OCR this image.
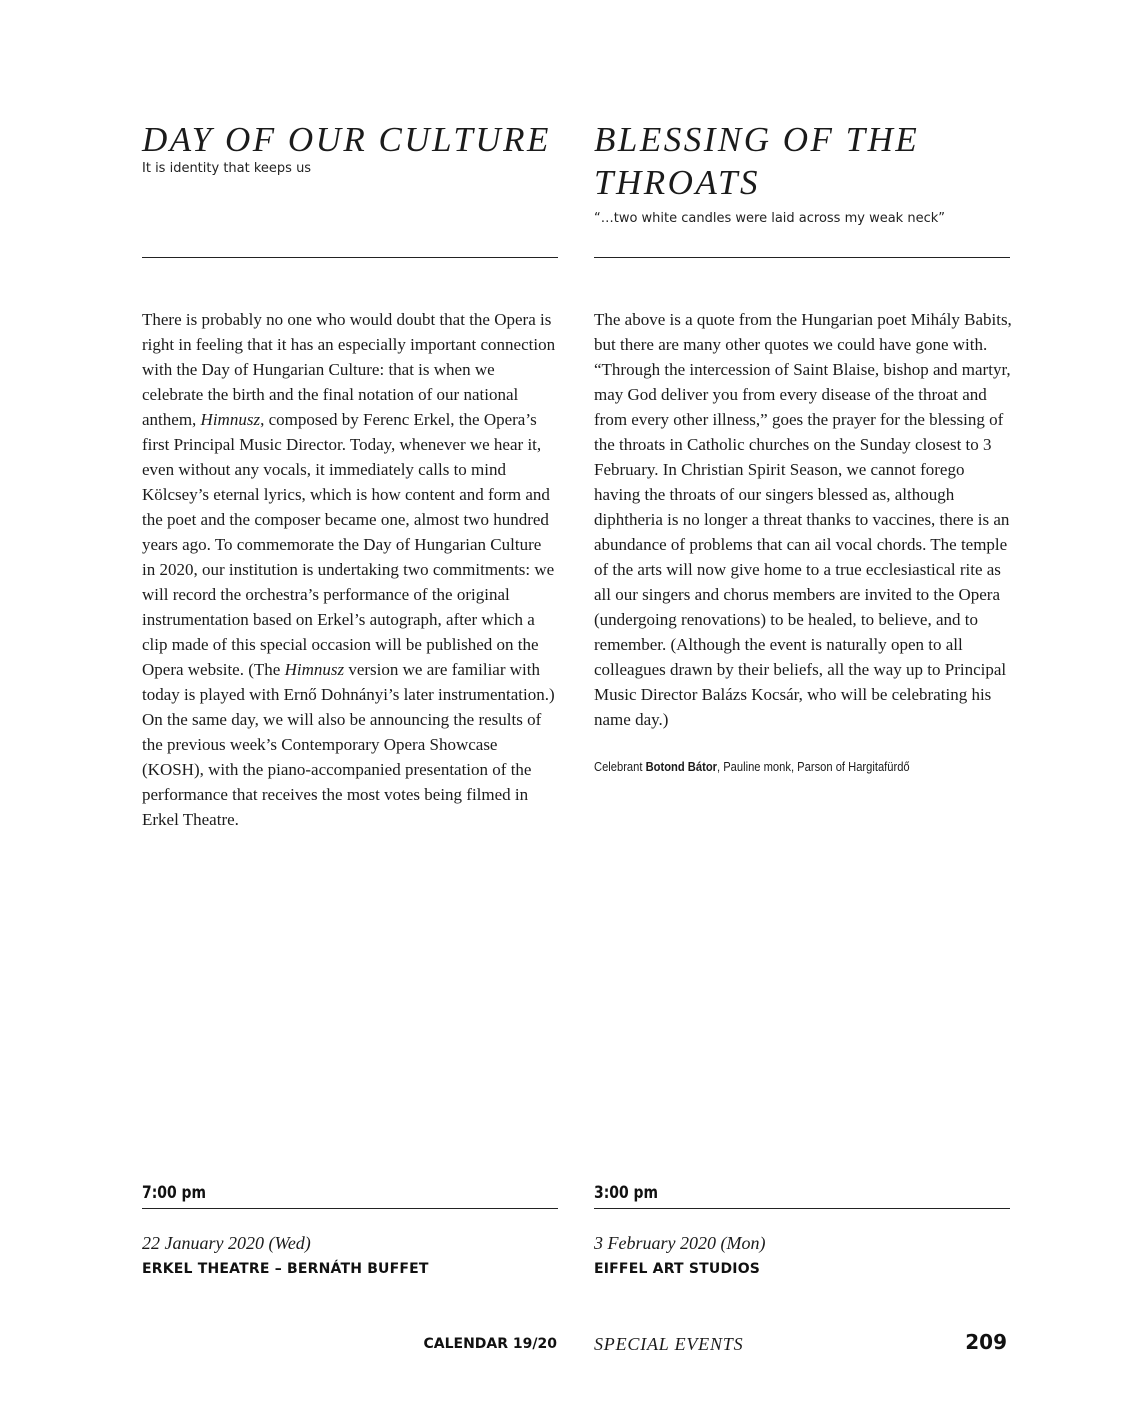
DAY OF OUR CULTURE

It is identity that keeps us

There is probably no one who would doubt that the Opera is right in feeling that it has an especially important connection with the Day of Hungarian Culture: that is when we celebrate the birth and the final notation of our national anthem, Himnusz, composed by Ferenc Erkel, the Opera’s first Principal Music Director. Today, whenever we hear it, even without any vocals, it immediately calls to mind Kölcsey’s eternal lyrics, which is how content and form and the poet and the composer became one, almost two hundred years ago. To commemorate the Day of Hungarian Culture in 2020, our institution is undertaking two commitments: we will record the orchestra’s performance of the original instrumentation based on Erkel’s autograph, after which a clip made of this special occasion will be published on the Opera website. (The Himnusz version we are familiar with today is played with Ernő Dohnányi’s later instrumentation.) On the same day, we will also be announcing the results of the previous week’s Contemporary Opera Showcase (KOSH), with the piano-accompanied presentation of the performance that receives the most votes being filmed in Erkel Theatre.

7:00 pm
22 January 2020 (Wed)
ERKEL THEATRE – BERNÁTH BUFFET
BLESSING OF THE THROATS

“…two white candles were laid across my weak neck”

The above is a quote from the Hungarian poet Mihály Babits, but there are many other quotes we could have gone with. “Through the intercession of Saint Blaise, bishop and martyr, may God deliver you from every disease of the throat and from every other illness,” goes the prayer for the blessing of the throats in Catholic churches on the Sunday closest to 3 February. In Christian Spirit Season, we cannot forego having the throats of our singers blessed as, although diphtheria is no longer a threat thanks to vaccines, there is an abundance of problems that can ail vocal chords. The temple of the arts will now give home to a true ecclesiastical rite as all our singers and chorus members are invited to the Opera (undergoing renovations) to be healed, to believe, and to remember. (Although the event is naturally open to all colleagues drawn by their beliefs, all the way up to Principal Music Director Balázs Kocsár, who will be celebrating his name day.)

Celebrant Botond Bátor, Pauline monk, Parson of Hargitafürdő

3:00 pm
3 February 2020 (Mon)
EIFFEL ART STUDIOS
CALENDAR 19/20 SPECIAL EVENTS	209
